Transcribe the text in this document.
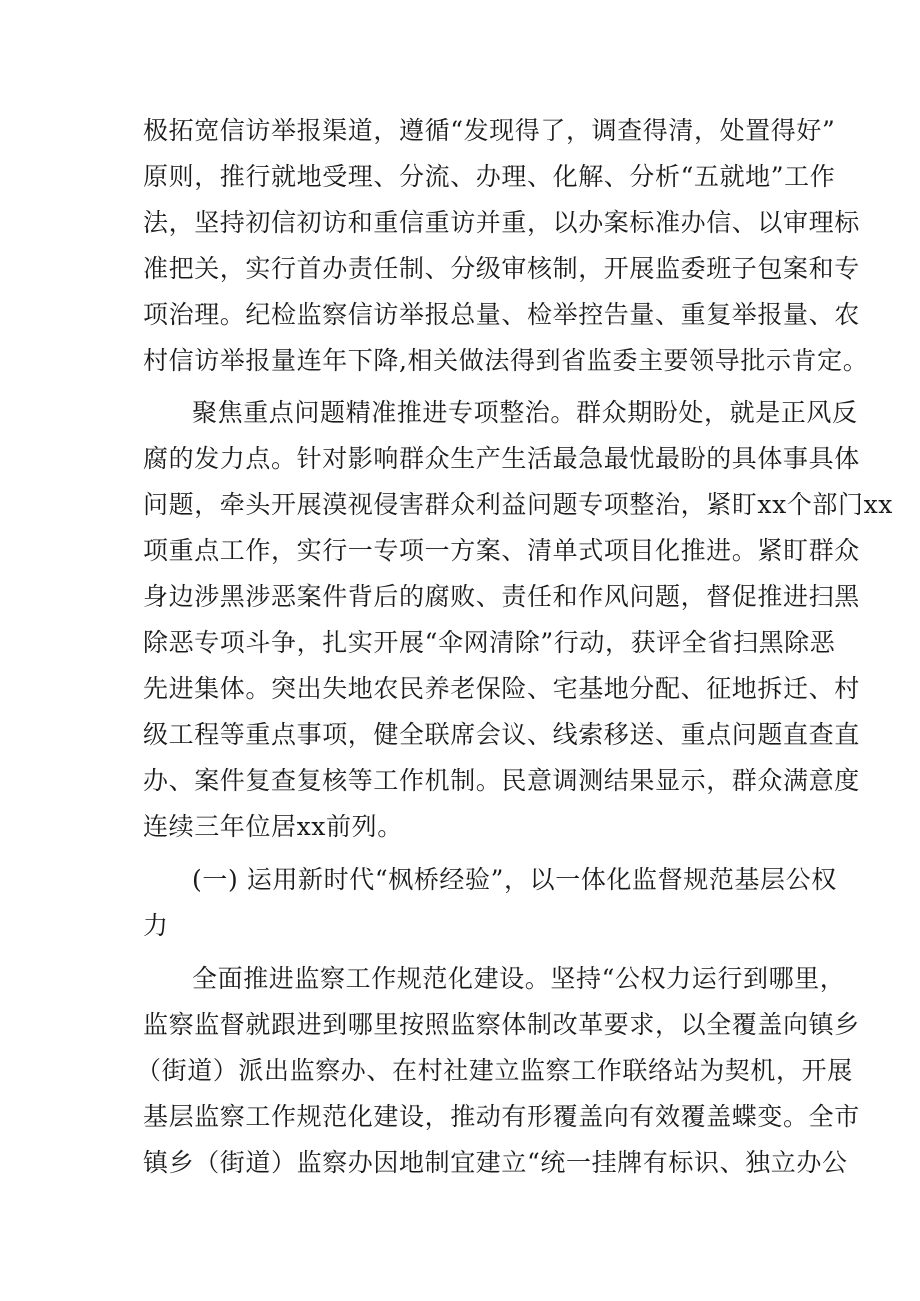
极拓宽信访举报渠道，遵循“发现得了，调查得清，处置得好”
原则，推行就地受理、分流、办理、化解、分析“五就地”工作
法，坚持初信初访和重信重访并重，以办案标准办信、以审理标
准把关，实行首办责任制、分级审核制，开展监委班子包案和专
项治理。纪检监察信访举报总量、检举控告量、重复举报量、农
村信访举报量连年下降,相关做法得到省监委主要领导批示肯定。
聚焦重点问题精准推进专项整治。群众期盼处，就是正风反
腐的发力点。针对影响群众生产生活最急最忧最盼的具体事具体
问题，牵头开展漠视侵害群众利益问题专项整治，紧盯xx个部门xx
项重点工作，实行一专项一方案、清单式项目化推进。紧盯群众
身边涉黑涉恶案件背后的腐败、责任和作风问题，督促推进扫黑
除恶专项斗争，扎实开展“伞网清除”行动，获评全省扫黑除恶
先进集体。突出失地农民养老保险、宅基地分配、征地拆迁、村
级工程等重点事项，健全联席会议、线索移送、重点问题直查直
办、案件复查复核等工作机制。民意调测结果显示，群众满意度
连续三年位居xx前列。
(一) 运用新时代“枫桥经验”，以一体化监督规范基层公权
力
全面推进监察工作规范化建设。坚持“公权力运行到哪里，
监察监督就跟进到哪里按照监察体制改革要求，以全覆盖向镇乡
（街道）派出监察办、在村社建立监察工作联络站为契机，开展
基层监察工作规范化建设，推动有形覆盖向有效覆盖蝶变。全市
镇乡（街道）监察办因地制宜建立“统一挂牌有标识、独立办公
